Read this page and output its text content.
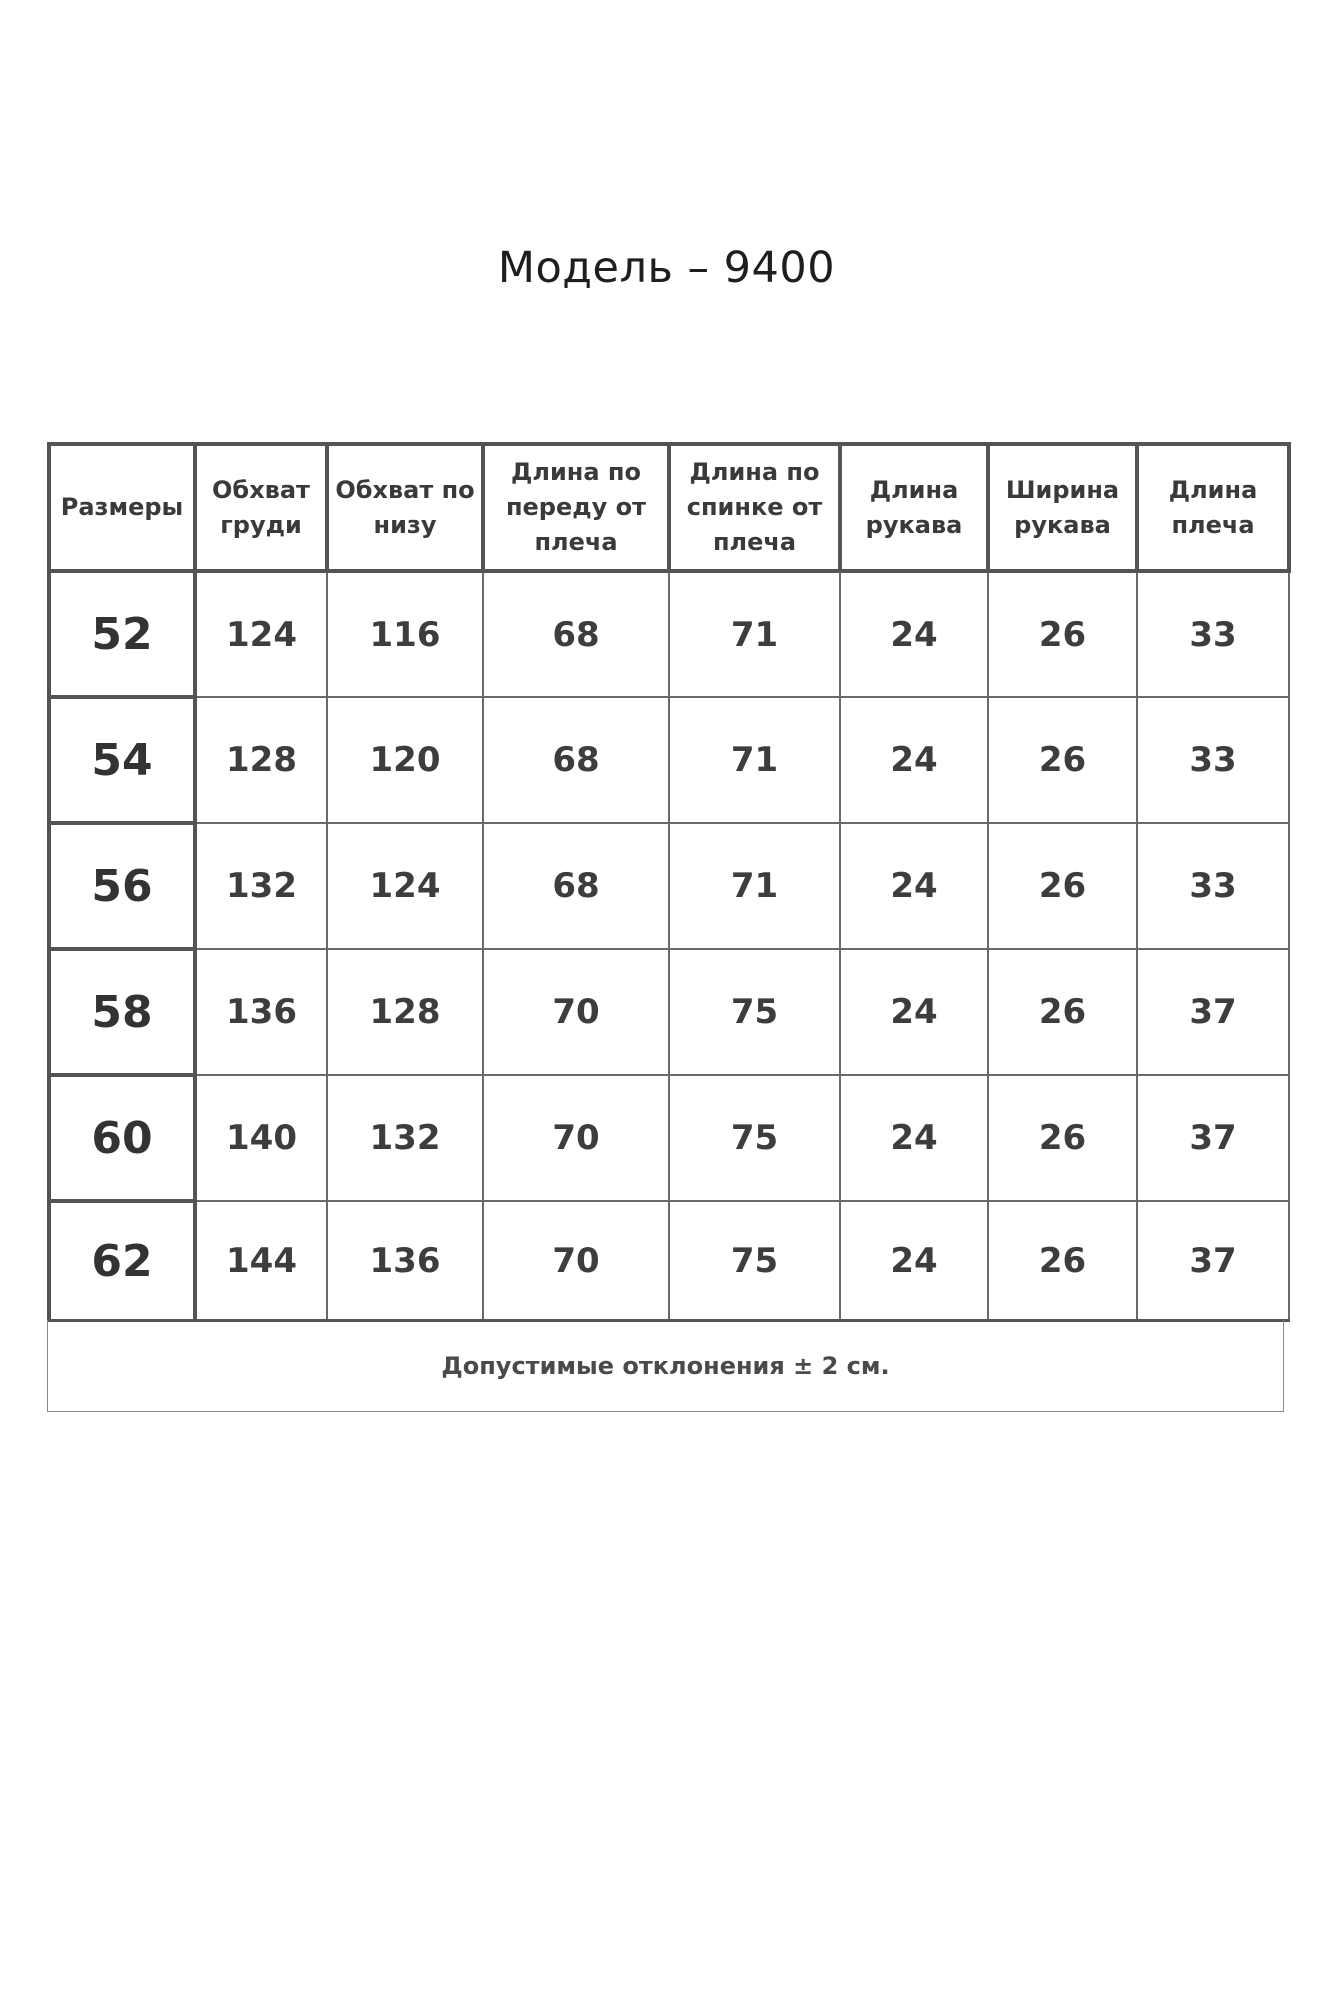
Модель – 9400
Размеры	Обхват груди	Обхват по низу	Длина по переду от плеча	Длина по спинке от плеча	Длина рукава	Ширина рукава	Длина плеча
52	124	116	68	71	24	26	33
54	128	120	68	71	24	26	33
56	132	124	68	71	24	26	33
58	136	128	70	75	24	26	37
60	140	132	70	75	24	26	37
62	144	136	70	75	24	26	37
Допустимые отклонения ± 2 см.
